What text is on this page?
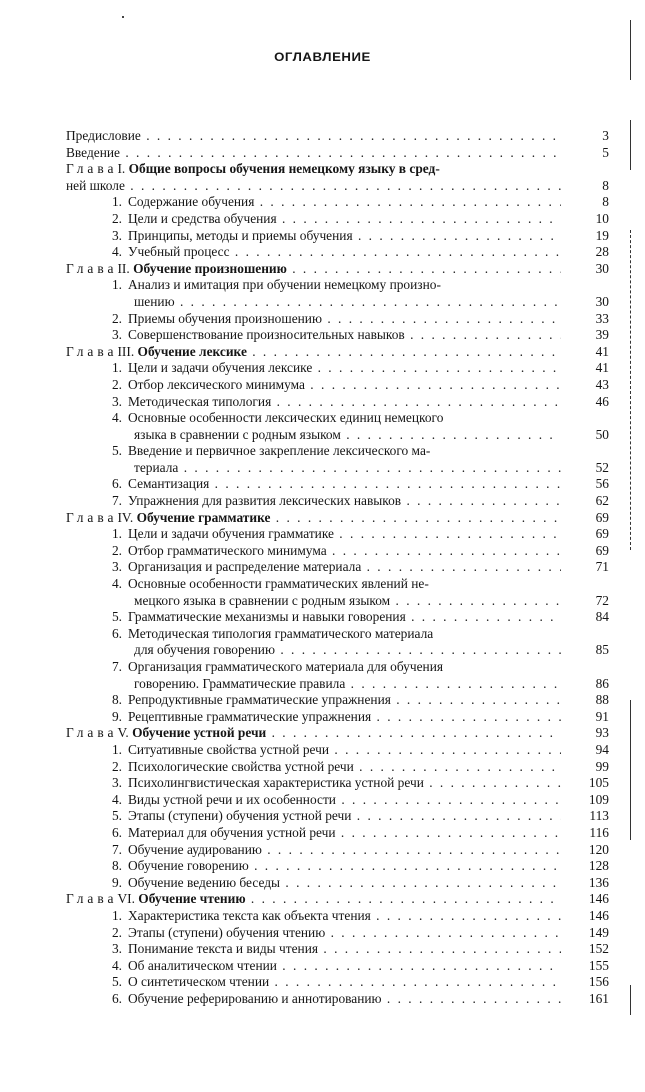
ОГЛАВЛЕНИЕ
Предисловие . . .	3
Введение . . .	5
ГлаваI. Общие вопросы обучения немецкому языку в сред-
ней школе . . .	8
1. Содержание обучения . . .	8
2. Цели и средства обучения . . .	10
3. Принципы, методы и приемы обучения . . .	19
4. Учебный процесс . . .	28
ГлаваII. Обучение произношению . . .	30
1. Анализ и имитация при обучении немецкому произно-
шению . . .	30
2. Приемы обучения произношению . . .	33
3. Совершенствование произносительных навыков . . .	39
ГлаваIII. Обучение лексике . . .	41
1. Цели и задачи обучения лексике . . .	41
2. Отбор лексического минимума . . .	43
3. Методическая типология . . .	46
4. Основные особенности лексических единиц немецкого
языка в сравнении с родным языком . . .	50
5. Введение и первичное закрепление лексического ма-
териала . . .	52
6. Семантизация . . .	56
7. Упражнения для развития лексических навыков . . .	62
ГлаваIV. Обучение грамматике . . .	69
1. Цели и задачи обучения грамматике . . .	69
2. Отбор грамматического минимума . . .	69
3. Организация и распределение материала . . .	71
4. Основные особенности грамматических явлений не-
мецкого языка в сравнении с родным языком . . .	72
5. Грамматические механизмы и навыки говорения . . .	84
6. Методическая типология грамматического материала
для обучения говорению . . .	85
7. Организация грамматического материала для обучения
говорению. Грамматические правила . . .	86
8. Репродуктивные грамматические упражнения . . .	88
9. Рецептивные грамматические упражнения . . .	91
ГлаваV. Обучение устной речи . . .	93
1. Ситуативные свойства устной речи . . .	94
2. Психологические свойства устной речи . . .	99
3. Психолингвистическая характеристика устной речи . . .	105
4. Виды устной речи и их особенности . . .	109
5. Этапы (ступени) обучения устной речи . . .	113
6. Материал для обучения устной речи . . .	116
7. Обучение аудированию . . .	120
8. Обучение говорению . . .	128
9. Обучение ведению беседы . . .	136
ГлаваVI. Обучение чтению . . .	146
1. Характеристика текста как объекта чтения . . .	146
2. Этапы (ступени) обучения чтению . . .	149
3. Понимание текста и виды чтения . . .	152
4. Об аналитическом чтении . . .	155
5. О синтетическом чтении . . .	156
6. Обучение реферированию и аннотированию . . .	161
